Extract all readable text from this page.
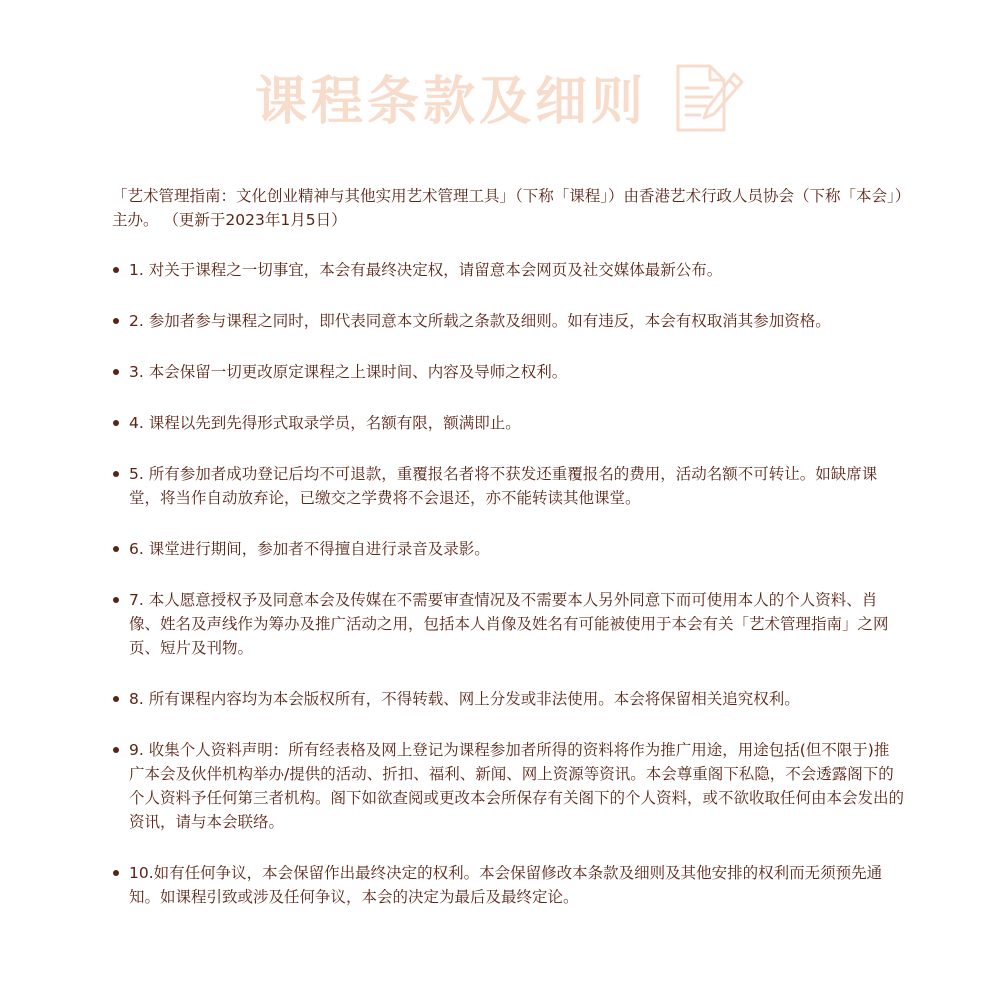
课程条款及细则

「艺术管理指南：文化创业精神与其他实用艺术管理工具」（下称「课程」）由香港艺术行政人员协会（下称「本会」）主办。 （更新于2023年1月5日）

1. 对关于课程之一切事宜，本会有最终决定权，请留意本会网页及社交媒体最新公布。
2. 参加者参与课程之同时，即代表同意本文所载之条款及细则。如有违反，本会有权取消其参加资格。
3. 本会保留一切更改原定课程之上课时间、内容及导师之权利。
4. 课程以先到先得形式取录学员，名额有限，额满即止。
5. 所有参加者成功登记后均不可退款，重覆报名者将不获发还重覆报名的费用，活动名额不可转让。如缺席课堂，将当作自动放弃论，已缴交之学费将不会退还，亦不能转读其他课堂。
6. 课堂进行期间，参加者不得擅自进行录音及录影。
7. 本人愿意授权予及同意本会及传媒在不需要审查情况及不需要本人另外同意下而可使用本人的个人资料、肖像、姓名及声线作为筹办及推广活动之用，包括本人肖像及姓名有可能被使用于本会有关「艺术管理指南」之网页、短片及刊物。
8. 所有课程内容均为本会版权所有，不得转载、网上分发或非法使用。本会将保留相关追究权利。
9. 收集个人资料声明：所有经表格及网上登记为课程参加者所得的资料将作为推广用途，用途包括(但不限于)推广本会及伙伴机构举办/提供的活动、折扣、福利、新闻、网上资源等资讯。本会尊重阁下私隐，不会透露阁下的个人资料予任何第三者机构。阁下如欲查阅或更改本会所保存有关阁下的个人资料，或不欲收取任何由本会发出的资讯，请与本会联络。
10.如有任何争议，本会保留作出最终决定的权利。本会保留修改本条款及细则及其他安排的权利而无须预先通知。如课程引致或涉及任何争议，本会的决定为最后及最终定论。
